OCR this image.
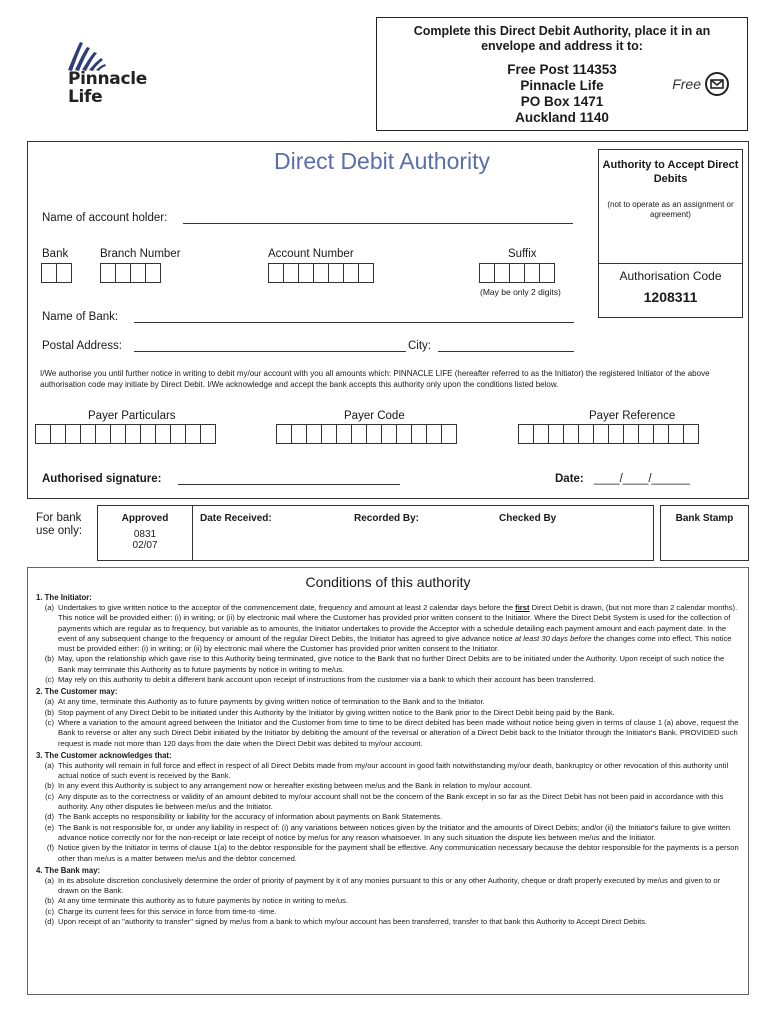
Pinnacle
Life
Complete this Direct Debit Authority, place it in an envelope and address it to:
Free Post 114353
Pinnacle Life
PO Box 1471
Auckland 1140
Free
Direct Debit Authority	Authority to Accept Direct Debits
(not to operate as an assignment or agreement)
Authorisation Code
1208311
Name of account holder:
Bank	Branch Number	Account Number	Suffix
(May be only 2 digits)
Name of Bank:
Postal Address:	City:
I/We authorise you until further notice in writing to debit my/our account with you all amounts which: PINNACLE LIFE (hereafter referred to as the Initiator) the registered Initiator of the above authorisation code may initiate by Direct Debit. I/We acknowledge and accept the bank accepts this authority only upon the conditions listed below.
Payer Particulars	Payer Code	Payer Reference
Authorised signature:	Date: ____/____/______
For bank use only:
Approved
0831
02/07
Date Received:	Recorded By:	Checked By	Bank Stamp
Conditions of this authority
1. The Initiator:
(a) Undertakes to give written notice to the acceptor of the commencement date, frequency and amount at least 2 calendar days before the first Direct Debit is drawn, (but not more than 2 calendar months). This notice will be provided either: (i) in writing; or (ii) by electronic mail where the Customer has provided prior written consent to the Initiator. Where the Direct Debit System is used for the collection of payments which are regular as to frequency, but variable as to amounts, the Initiator undertakes to provide the Acceptor with a schedule detailing each payment amount and each payment date. In the event of any subsequent change to the frequency or amount of the regular Direct Debits, the Initiator has agreed to give advance notice at least 30 days before the changes come into effect. This notice must be provided either: (i) in writing; or (ii) by electronic mail where the Customer has provided prior written consent to the Initiator.
(b) May, upon the relationship which gave rise to this Authority being terminated, give notice to the Bank that no further Direct Debits are to be initiated under the Authority. Upon receipt of such notice the Bank may terminate this Authority as to future payments by notice in writing to me/us.
(c) May rely on this authority to debit a different bank account upon receipt of instructions from the customer via a bank to which their account has been transferred.
2. The Customer may:
(a) At any time, terminate this Authority as to future payments by giving written notice of termination to the Bank and to the Initiator.
(b) Stop payment of any Direct Debit to be initiated under this Authority by the Initiator by giving written notice to the Bank prior to the Direct Debit being paid by the Bank.
(c) Where a variation to the amount agreed between the Initiator and the Customer from time to time to be direct debited has been made without notice being given in terms of clause 1 (a) above, request the Bank to reverse or alter any such Direct Debit initiated by the Initiator by debiting the amount of the reversal or alteration of a Direct Debit back to the Initiator through the Initiator's Bank. PROVIDED such request is made not more than 120 days from the date when the Direct Debit was debited to my/our account.
3. The Customer acknowledges that:
(a) This authority will remain in full force and effect in respect of all Direct Debits made from my/our account in good faith notwithstanding my/our death, bankruptcy or other revocation of this authority until actual notice of such event is received by the Bank.
(b) In any event this Authority is subject to any arrangement now or hereafter existing between me/us and the Bank in relation to my/our account.
(c) Any dispute as to the correctness or validity of an amount debited to my/our account shall not be the concern of the Bank except in so far as the Direct Debit has not been paid in accordance with this authority. Any other disputes lie between me/us and the Initiator.
(d) The Bank accepts no responsibility or liability for the accuracy of information about payments on Bank Statements.
(e) The Bank is not responsible for, or under any liability in respect of: (i) any variations between notices given by the Initiator and the amounts of Direct Debits; and/or (ii) the Initiator's failure to give written advance notice correctly nor for the non-receipt or late receipt of notice by me/us for any reason whatsoever. In any such situation the dispute lies between me/us and the Initiator.
(f) Notice given by the Initiator in terms of clause 1(a) to the debtor responsible for the payment shall be effective. Any communication necessary because the debtor responsible for the payments is a person other than me/us is a matter between me/us and the debtor concerned.
4. The Bank may:
(a) In its absolute discretion conclusively determine the order of priority of payment by it of any monies pursuant to this or any other Authority, cheque or draft properly executed by me/us and given to or drawn on the Bank.
(b) At any time terminate this authority as to future payments by notice in writing to me/us.
(c) Charge its current fees for this service in force from time-to -time.
(d) Upon receipt of an "authority to transfer" signed by me/us from a bank to which my/our account has been transferred, transfer to that bank this Authority to Accept Direct Debits.
